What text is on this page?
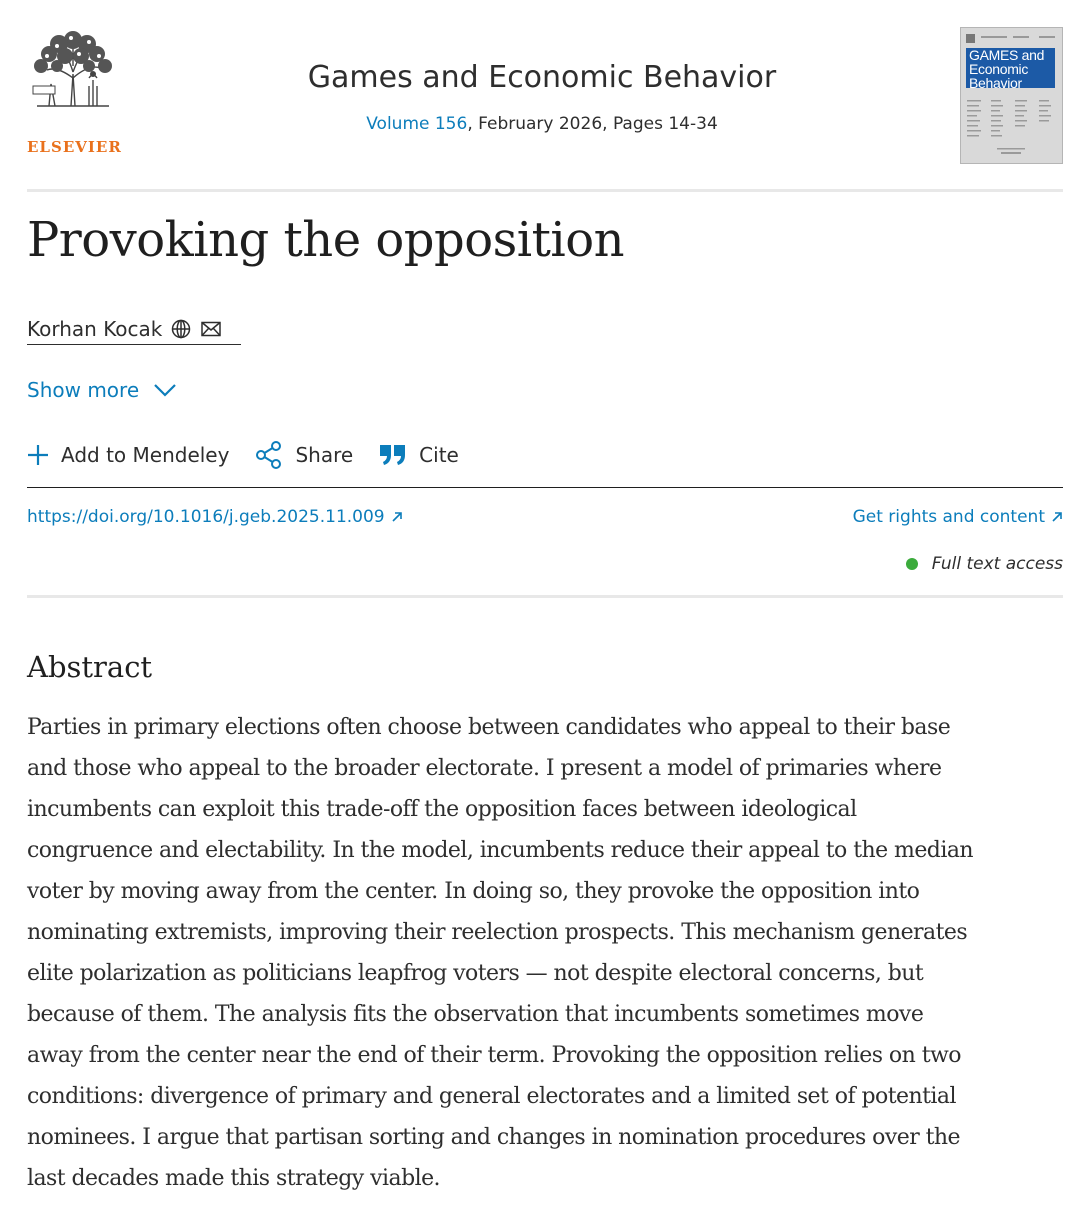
ELSEVIER
Games and Economic Behavior
Volume 156, February 2026, Pages 14-34
GAMES and
Economic
Behavior
Provoking the opposition
Korhan Kocak
Show more
Add to Mendeley	Share	Cite
https://doi.org/10.1016/j.geb.2025.11.009	Get rights and content
Full text access
Abstract
Parties in primary elections often choose between candidates who appeal to their base
and those who appeal to the broader electorate. I present a model of primaries where
incumbents can exploit this trade-off the opposition faces between ideological
congruence and electability. In the model, incumbents reduce their appeal to the median
voter by moving away from the center. In doing so, they provoke the opposition into
nominating extremists, improving their reelection prospects. This mechanism generates
elite polarization as politicians leapfrog voters — not despite electoral concerns, but
because of them. The analysis fits the observation that incumbents sometimes move
away from the center near the end of their term. Provoking the opposition relies on two
conditions: divergence of primary and general electorates and a limited set of potential
nominees. I argue that partisan sorting and changes in nomination procedures over the
last decades made this strategy viable.
